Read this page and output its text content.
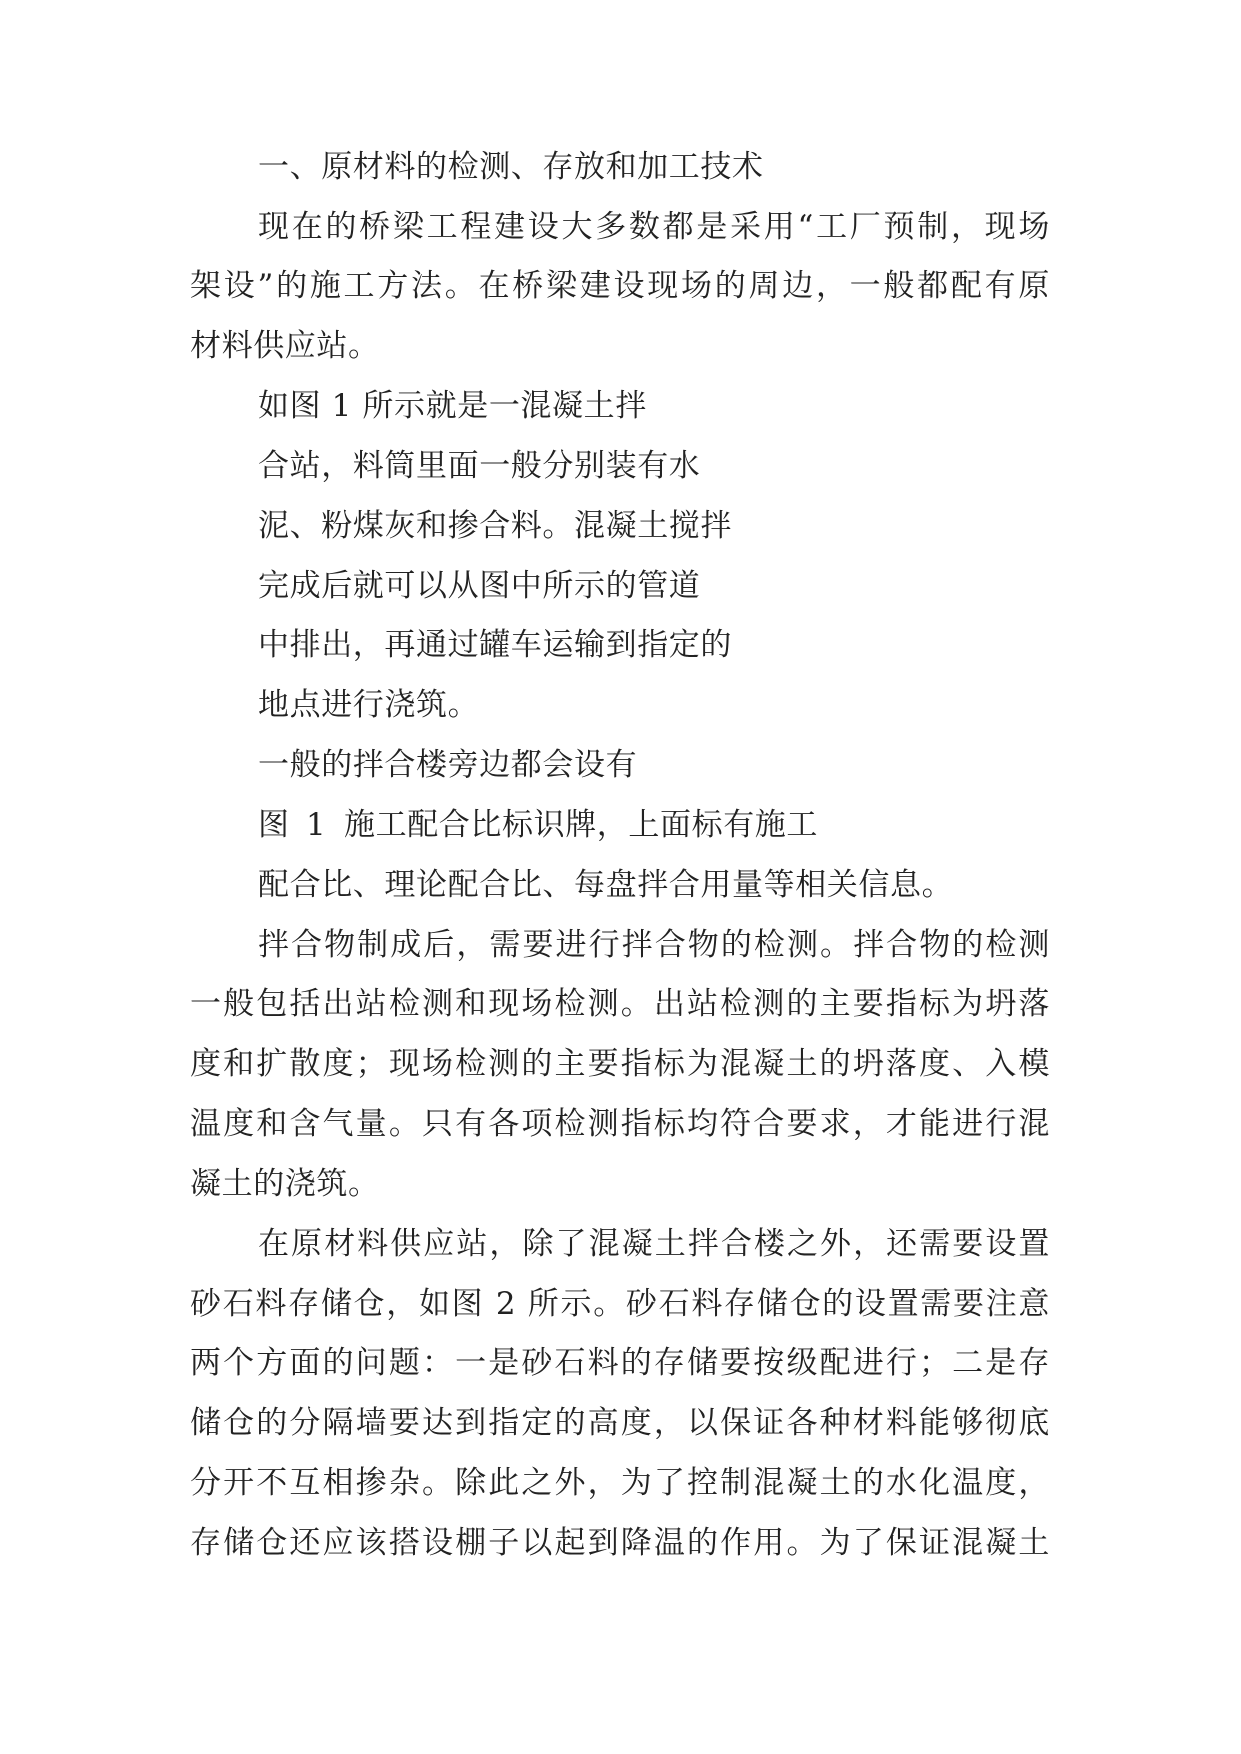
一、原材料的检测、存放和加工技术
现在的桥梁工程建设大多数都是采用“工厂预制，现场
架设”的施工方法。在桥梁建设现场的周边，一般都配有原
材料供应站。
如图 1 所示就是一混凝土拌
合站，料筒里面一般分别装有水
泥、粉煤灰和掺合料。混凝土搅拌
完成后就可以从图中所示的管道
中排出，再通过罐车运输到指定的
地点进行浇筑。
一般的拌合楼旁边都会设有
图 1 施工配合比标识牌，上面标有施工
配合比、理论配合比、每盘拌合用量等相关信息。
拌合物制成后，需要进行拌合物的检测。拌合物的检测
一般包括出站检测和现场检测。出站检测的主要指标为坍落
度和扩散度；现场检测的主要指标为混凝土的坍落度、入模
温度和含气量。只有各项检测指标均符合要求，才能进行混
凝土的浇筑。
在原材料供应站，除了混凝土拌合楼之外，还需要设置
砂石料存储仓，如图 2 所示。砂石料存储仓的设置需要注意
两个方面的问题：一是砂石料的存储要按级配进行；二是存
储仓的分隔墙要达到指定的高度，以保证各种材料能够彻底
分开不互相掺杂。除此之外，为了控制混凝土的水化温度，
存储仓还应该搭设棚子以起到降温的作用。为了保证混凝土
